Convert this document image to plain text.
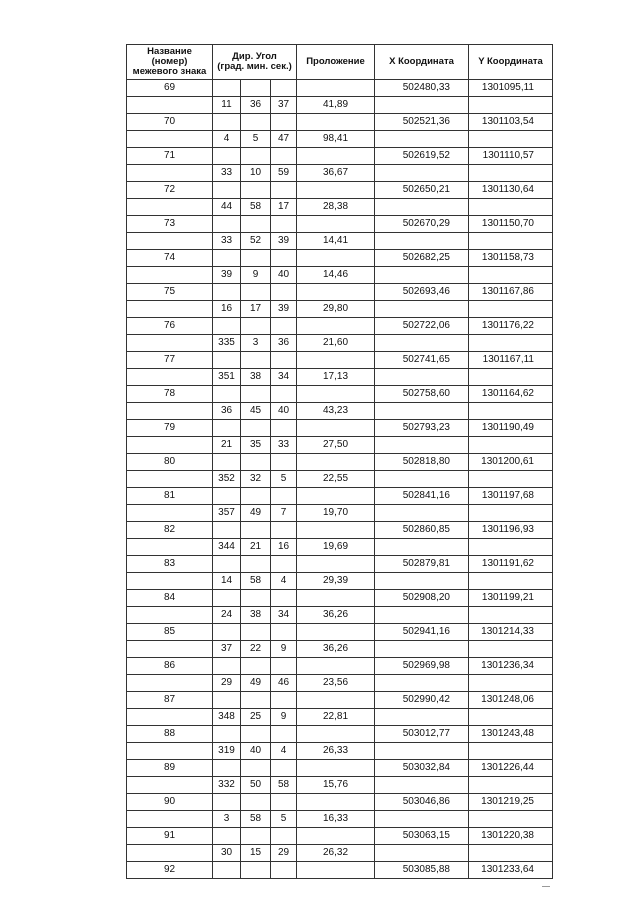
Название
(номер)
межевого знака	Дир. Угол
(град. мин. сек.)			Проложение	X Координата	Y Координата
69					502480,33	1301095,11
	11	36	37	41,89		
70					502521,36	1301103,54
	4	5	47	98,41		
71					502619,52	1301110,57
	33	10	59	36,67		
72					502650,21	1301130,64
	44	58	17	28,38		
73					502670,29	1301150,70
	33	52	39	14,41		
74					502682,25	1301158,73
	39	9	40	14,46		
75					502693,46	1301167,86
	16	17	39	29,80		
76					502722,06	1301176,22
	335	3	36	21,60		
77					502741,65	1301167,11
	351	38	34	17,13		
78					502758,60	1301164,62
	36	45	40	43,23		
79					502793,23	1301190,49
	21	35	33	27,50		
80					502818,80	1301200,61
	352	32	5	22,55		
81					502841,16	1301197,68
	357	49	7	19,70		
82					502860,85	1301196,93
	344	21	16	19,69		
83					502879,81	1301191,62
	14	58	4	29,39		
84					502908,20	1301199,21
	24	38	34	36,26		
85					502941,16	1301214,33
	37	22	9	36,26		
86					502969,98	1301236,34
	29	49	46	23,56		
87					502990,42	1301248,06
	348	25	9	22,81		
88					503012,77	1301243,48
	319	40	4	26,33		
89					503032,84	1301226,44
	332	50	58	15,76		
90					503046,86	1301219,25
	3	58	5	16,33		
91					503063,15	1301220,38
	30	15	29	26,32		
92					503085,88	1301233,64
